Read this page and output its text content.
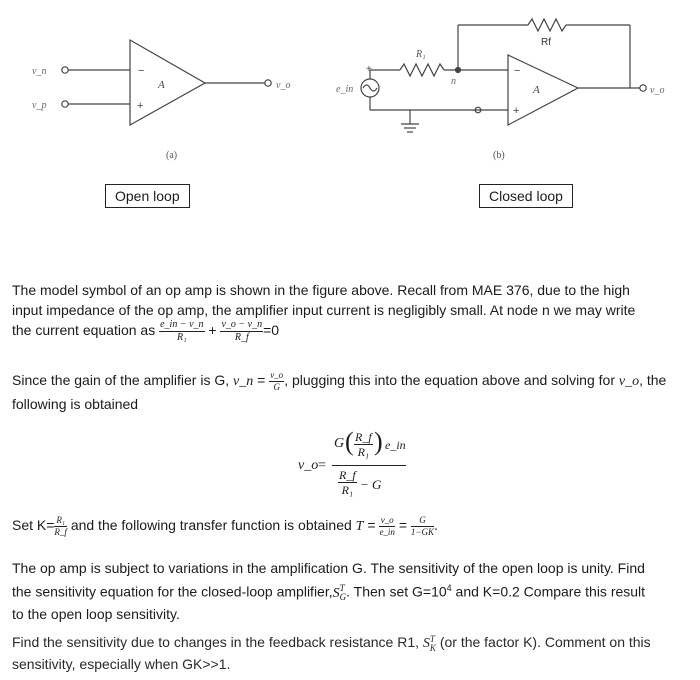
v_n
v_p
−
+
A	v_o
(a)
e_in
+
R₁
Rf
n
−
+
A	v_o
(b)
Open loop	Closed loop
The model symbol of an op amp is shown in the figure above. Recall from MAE 376, due to the high
input impedance of the op amp, the amplifier input current is negligibly small. At node n we may write
the current equation as $\frac{e\_in - v\_n}{\text{R₁}} + \frac{v\_o - v\_n}{R\_f} =0$
Since the gain of the amplifier is G, v_n = $\frac{v\_o}{G}$ , plugging this into the equation above and solving for v_o, the
following is obtained
v_o =
G ( $\frac{R\_f}{\text{R₁}}$ ) e_in
$\frac{R\_f}{\text{R₁}} - G$
Set $K= \frac{\text{R₁}}{R\_f}$ and the following transfer function is obtained $T = \frac{v\_o}{e\_in} = \frac{G}{1-GK}$ .
The op amp is subject to variations in the amplification G. The sensitivity of the open loop is unity. Find
the sensitivity equation for the closed-loop amplifier,S T
G . Then set $G=10^4$ and K=0.2 Compare this result
to the open loop sensitivity.
Find the sensitivity due to changes in the feedback resistance R1, S T
K (or the factor K). Comment on this
sensitivity, especially when GK>>1.
